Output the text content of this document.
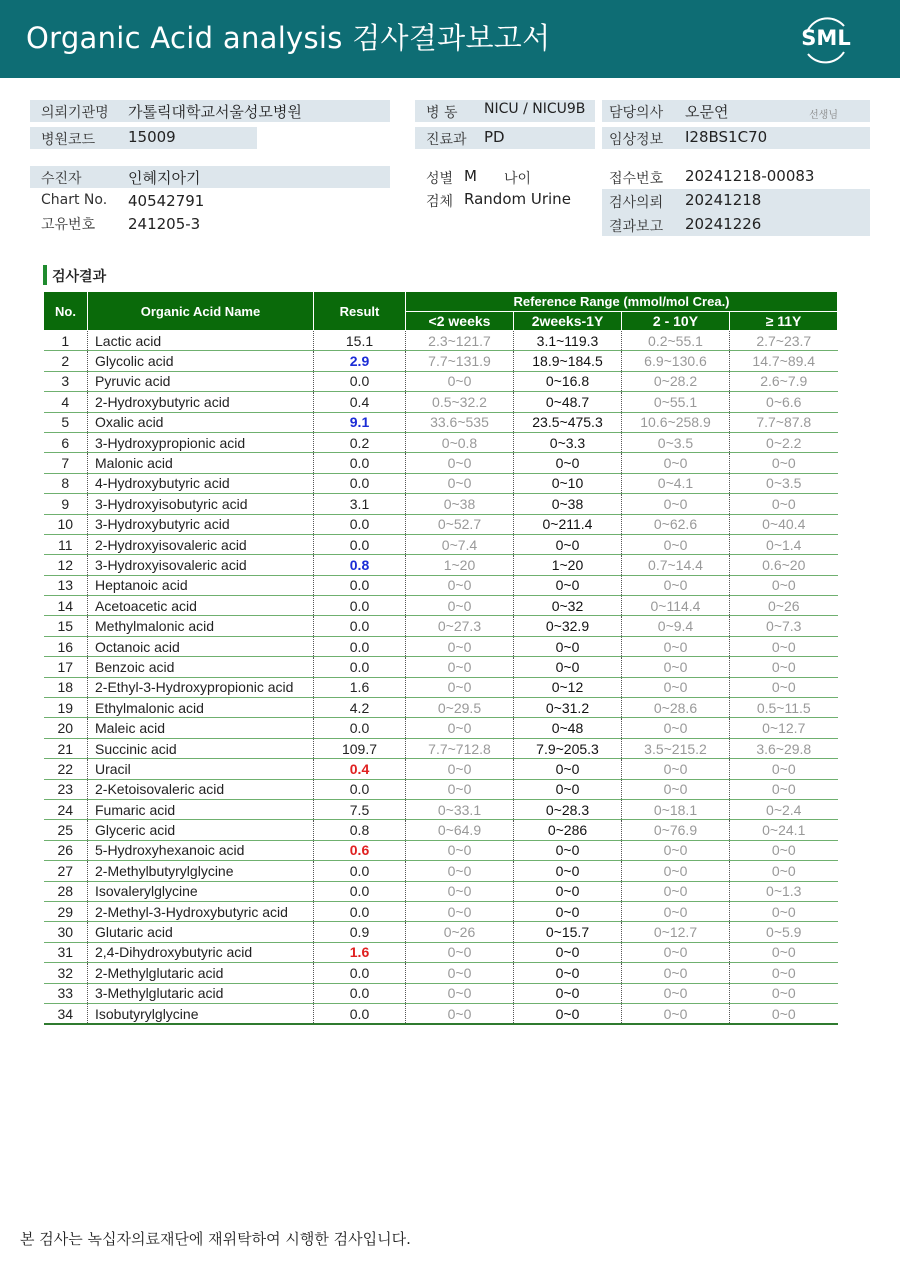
Organic Acid analysis 검사결과보고서	SML
의뢰기관명 가톨릭대학교서울성모병원
병원코드 15009
병 동 NICU / NICU9B
진료과 PD
담당의사 오문연	선생님
임상정보 I28BS1C70
수진자	인혜지아기
Chart No. 40542791
고유번호 241205-3
성별 M 나이
검체 Random Urine
접수번호 20241218-00083
검사의뢰 20241218
결과보고 20241226
검사결과
No.	Organic Acid Name	Result	Reference Range (mmol/mol Crea.)			
			<2 weeks	2weeks-1Y	2 - 10Y	≥ 11Y
1	Lactic acid	15.1	2.3~121.7	3.1~119.3	0.2~55.1	2.7~23.7
2	Glycolic acid	2.9	7.7~131.9	18.9~184.5	6.9~130.6	14.7~89.4
3	Pyruvic acid	0.0	0~0	0~16.8	0~28.2	2.6~7.9
4	2-Hydroxybutyric acid	0.4	0.5~32.2	0~48.7	0~55.1	0~6.6
5	Oxalic acid	9.1	33.6~535	23.5~475.3	10.6~258.9	7.7~87.8
6	3-Hydroxypropionic acid	0.2	0~0.8	0~3.3	0~3.5	0~2.2
7	Malonic acid	0.0	0~0	0~0	0~0	0~0
8	4-Hydroxybutyric acid	0.0	0~0	0~10	0~4.1	0~3.5
9	3-Hydroxyisobutyric acid	3.1	0~38	0~38	0~0	0~0
10	3-Hydroxybutyric acid	0.0	0~52.7	0~211.4	0~62.6	0~40.4
11	2-Hydroxyisovaleric acid	0.0	0~7.4	0~0	0~0	0~1.4
12	3-Hydroxyisovaleric acid	0.8	1~20	1~20	0.7~14.4	0.6~20
13	Heptanoic acid	0.0	0~0	0~0	0~0	0~0
14	Acetoacetic acid	0.0	0~0	0~32	0~114.4	0~26
15	Methylmalonic acid	0.0	0~27.3	0~32.9	0~9.4	0~7.3
16	Octanoic acid	0.0	0~0	0~0	0~0	0~0
17	Benzoic acid	0.0	0~0	0~0	0~0	0~0
18	2-Ethyl-3-Hydroxypropionic acid	1.6	0~0	0~12	0~0	0~0
19	Ethylmalonic acid	4.2	0~29.5	0~31.2	0~28.6	0.5~11.5
20	Maleic acid	0.0	0~0	0~48	0~0	0~12.7
21	Succinic acid	109.7	7.7~712.8	7.9~205.3	3.5~215.2	3.6~29.8
22	Uracil	0.4	0~0	0~0	0~0	0~0
23	2-Ketoisovaleric acid	0.0	0~0	0~0	0~0	0~0
24	Fumaric acid	7.5	0~33.1	0~28.3	0~18.1	0~2.4
25	Glyceric acid	0.8	0~64.9	0~286	0~76.9	0~24.1
26	5-Hydroxyhexanoic acid	0.6	0~0	0~0	0~0	0~0
27	2-Methylbutyrylglycine	0.0	0~0	0~0	0~0	0~0
28	Isovalerylglycine	0.0	0~0	0~0	0~0	0~1.3
29	2-Methyl-3-Hydroxybutyric acid	0.0	0~0	0~0	0~0	0~0
30	Glutaric acid	0.9	0~26	0~15.7	0~12.7	0~5.9
31	2,4-Dihydroxybutyric acid	1.6	0~0	0~0	0~0	0~0
32	2-Methylglutaric acid	0.0	0~0	0~0	0~0	0~0
33	3-Methylglutaric acid	0.0	0~0	0~0	0~0	0~0
34	Isobutyrylglycine	0.0	0~0	0~0	0~0	0~0
본 검사는 녹십자의료재단에 재위탁하여 시행한 검사입니다.
